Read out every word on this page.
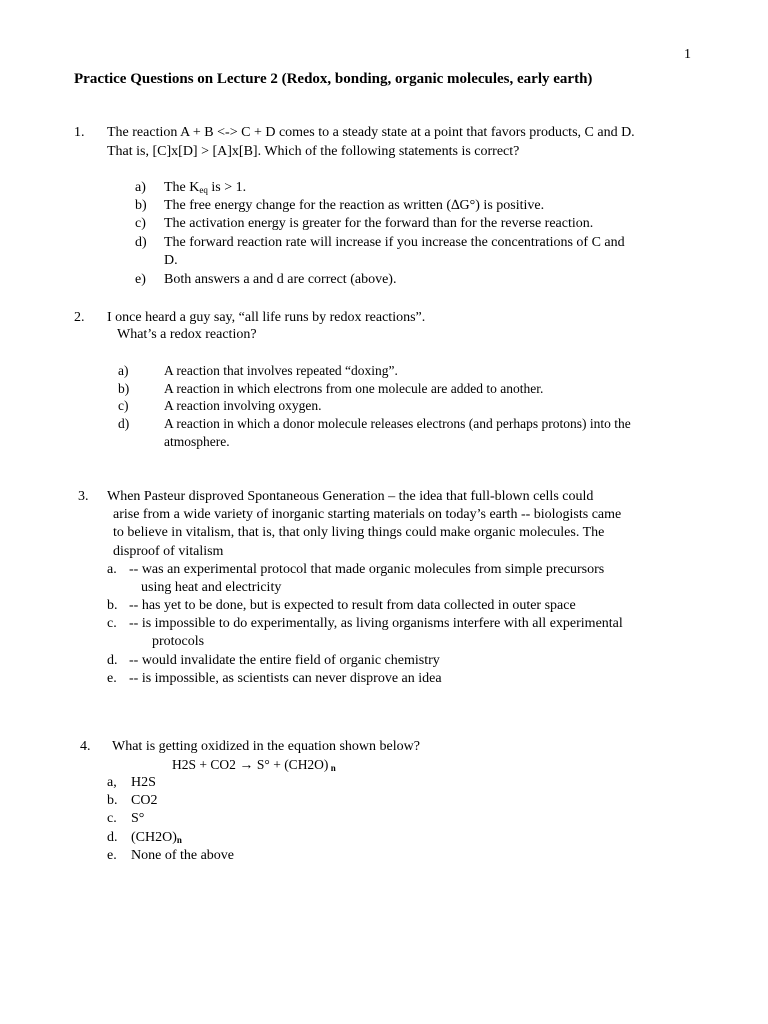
1
Practice Questions on Lecture 2 (Redox, bonding, organic molecules, early earth)
1. The reaction A + B <-> C + D comes to a steady state at a point that favors products, C and D.
That is, [C]x[D] > [A]x[B]. Which of the following statements is correct?
a) The $K_{eq}$ is > 1.
b) The free energy change for the reaction as written (∆G°) is positive.
c) The activation energy is greater for the forward than for the reverse reaction.
d) The forward reaction rate will increase if you increase the concentrations of C and
D.
e) Both answers a and d are correct (above).
2. I once heard a guy say, “all life runs by redox reactions”.
What’s a redox reaction?
a)	A reaction that involves repeated “doxing”.
b)	A reaction in which electrons from one molecule are added to another.
c)	A reaction involving oxygen.
d)	A reaction in which a donor molecule releases electrons (and perhaps protons) into the
atmosphere.
3. When Pasteur disproved Spontaneous Generation – the idea that full-blown cells could
arise from a wide variety of inorganic starting materials on today’s earth -- biologists came
to believe in vitalism, that is, that only living things could make organic molecules. The
disproof of vitalism
a. -- was an experimental protocol that made organic molecules from simple precursors
using heat and electricity
b. -- has yet to be done, but is expected to result from data collected in outer space
c. -- is impossible to do experimentally, as living organisms interfere with all experimental
protocols
d. -- would invalidate the entire field of organic chemistry
e. -- is impossible, as scientists can never disprove an idea
4. What is getting oxidized in the equation shown below?
H2S + CO2 → S° + (CH2O) n
a, H2S
b. CO2
c. S°
d. (CH2O)n
e. None of the above
